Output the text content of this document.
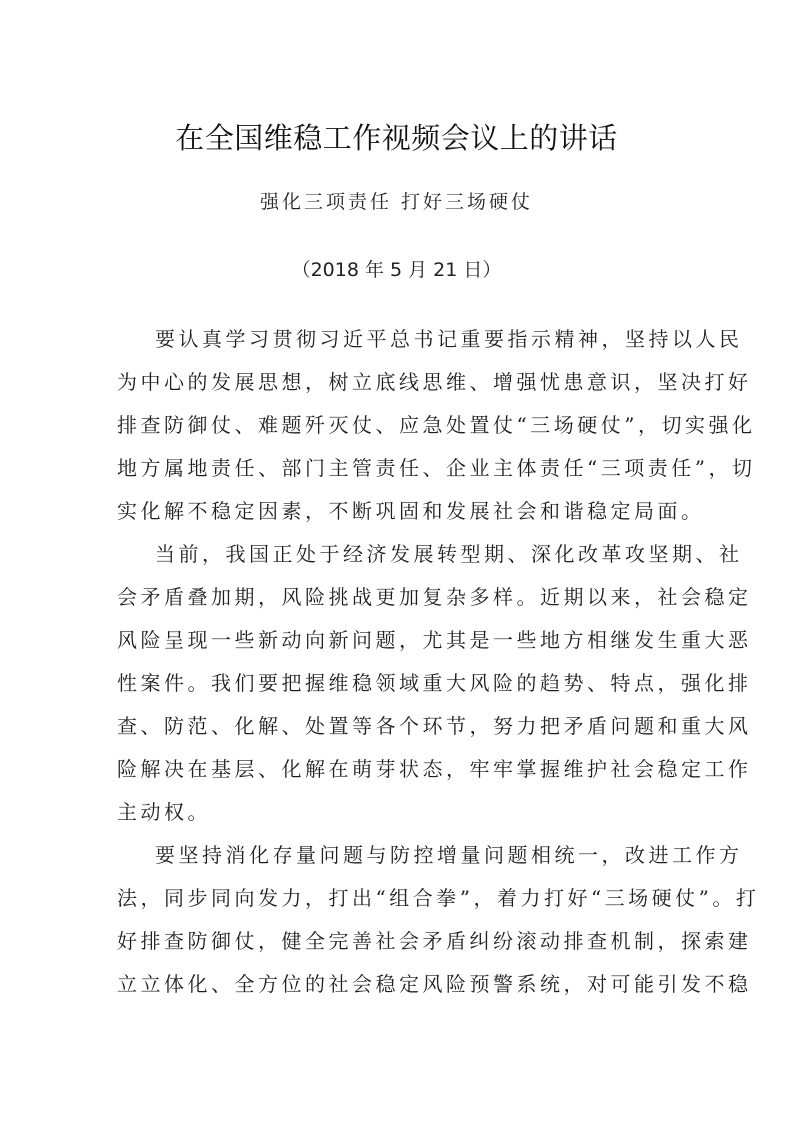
在全国维稳工作视频会议上的讲话
强化三项责任 打好三场硬仗
（2018 年 5 月 21 日）
要认真学习贯彻习近平总书记重要指示精神，坚持以人民
为中心的发展思想，树立底线思维、增强忧患意识，坚决打好
排查防御仗、难题歼灭仗、应急处置仗“三场硬仗”，切实强化
地方属地责任、部门主管责任、企业主体责任“三项责任”，切
实化解不稳定因素，不断巩固和发展社会和谐稳定局面。
当前，我国正处于经济发展转型期、深化改革攻坚期、社
会矛盾叠加期，风险挑战更加复杂多样。近期以来，社会稳定
风险呈现一些新动向新问题，尤其是一些地方相继发生重大恶
性案件。我们要把握维稳领域重大风险的趋势、特点，强化排
查、防范、化解、处置等各个环节，努力把矛盾问题和重大风
险解决在基层、化解在萌芽状态，牢牢掌握维护社会稳定工作
主动权。
要坚持消化存量问题与防控增量问题相统一，改进工作方
法，同步同向发力，打出“组合拳”，着力打好“三场硬仗”。打
好排查防御仗，健全完善社会矛盾纠纷滚动排查机制，探索建
立立体化、全方位的社会稳定风险预警系统，对可能引发不稳
